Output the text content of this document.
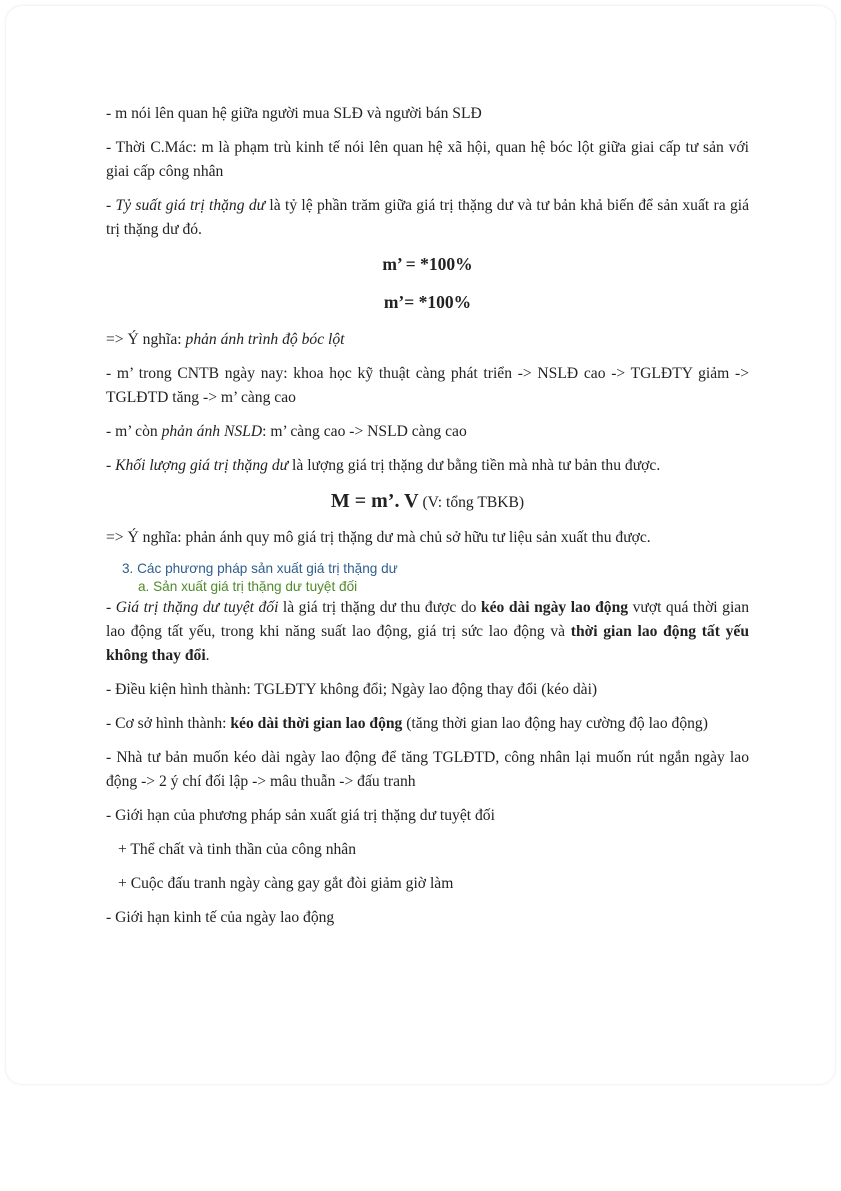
- m nói lên quan hệ giữa người mua SLĐ và người bán SLĐ

- Thời C.Mác: m là phạm trù kinh tế nói lên quan hệ xã hội, quan hệ bóc lột giữa giai cấp tư sản với giai cấp công nhân

- Tỷ suất giá trị thặng dư là tỷ lệ phần trăm giữa giá trị thặng dư và tư bản khả biến để sản xuất ra giá trị thặng dư đó.

m’ = *100%
m’= *100%

=> Ý nghĩa: phản ánh trình độ bóc lột

- m’ trong CNTB ngày nay: khoa học kỹ thuật càng phát triển -> NSLĐ cao -> TGLĐTY giảm -> TGLĐTD tăng -> m’ càng cao

- m’ còn phản ánh NSLD: m’ càng cao -> NSLD càng cao

- Khối lượng giá trị thặng dư là lượng giá trị thặng dư bằng tiền mà nhà tư bản thu được.

M = m’. V (V: tổng TBKB)

=> Ý nghĩa: phản ánh quy mô giá trị thặng dư mà chủ sở hữu tư liệu sản xuất thu được.

3. Các phương pháp sản xuất giá trị thặng dư

a. Sản xuất giá trị thặng dư tuyệt đối

- Giá trị thặng dư tuyệt đối là giá trị thặng dư thu được do kéo dài ngày lao động vượt quá thời gian lao động tất yếu, trong khi năng suất lao động, giá trị sức lao động và thời gian lao động tất yếu không thay đổi.

- Điều kiện hình thành: TGLĐTY không đổi; Ngày lao động thay đổi (kéo dài)

- Cơ sở hình thành: kéo dài thời gian lao động (tăng thời gian lao động hay cường độ lao động)

- Nhà tư bản muốn kéo dài ngày lao động để tăng TGLĐTD, công nhân lại muốn rút ngắn ngày lao động -> 2 ý chí đối lập -> mâu thuẫn -> đấu tranh

- Giới hạn của phương pháp sản xuất giá trị thặng dư tuyệt đối

+ Thể chất và tinh thần của công nhân

+ Cuộc đấu tranh ngày càng gay gắt đòi giảm giờ làm

- Giới hạn kinh tế của ngày lao động
